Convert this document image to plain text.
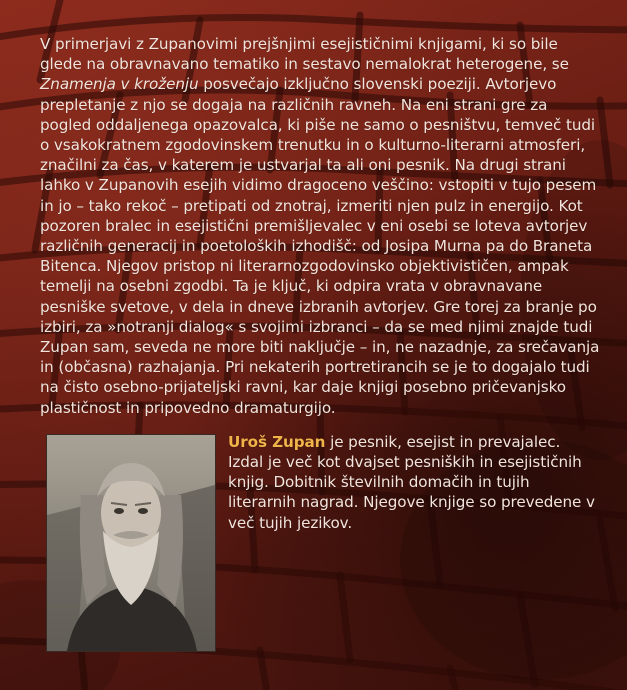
V primerjavi z Zupanovimi prejšnjimi esejističnimi knjigami, ki so bile glede na obravnavano tematiko in sestavo nemalokrat heterogene, se Znamenja v kroženju posvečajo izključno slovenski poeziji. Avtorjevo prepletanje z njo se dogaja na različnih ravneh. Na eni strani gre za pogled oddaljenega opazovalca, ki piše ne samo o pesništvu, temveč tudi o vsakokratnem zgodovinskem trenutku in o kulturno-literarni atmosferi, značilni za čas, v katerem je ustvarjal ta ali oni pesnik. Na drugi strani lahko v Zupanovih esejih vidimo dragoceno veščino: vstopiti v tujo pesem in jo – tako rekoč – pretipati od znotraj, izmeriti njen pulz in energijo. Kot pozoren bralec in esejistični premišljevalec v eni osebi se loteva avtorjev različnih generacij in poetoloških izhodišč: od Josipa Murna pa do Braneta Bitenca. Njegov pristop ni literarnozgodovinsko objektivističen, ampak temelji na osebni zgodbi. Ta je ključ, ki odpira vrata v obravnavane pesniške svetove, v dela in dneve izbranih avtorjev. Gre torej za branje po izbiri, za »notranji dialog« s svojimi izbranci – da se med njimi znajde tudi Zupan sam, seveda ne more biti naključje – in, ne nazadnje, za srečavanja in (občasna) razhajanja. Pri nekaterih portretirancih se je to dogajalo tudi na čisto osebno-prijateljski ravni, kar daje knjigi posebno pričevanjsko plastičnost in pripovedno dramaturgijo.

Uroš Zupan je pesnik, esejist in prevajalec. Izdal je več kot dvajset pesniških in esejističnih knjig. Dobitnik številnih domačih in tujih literarnih nagrad. Njegove knjige so prevedene v več tujih jezikov.
